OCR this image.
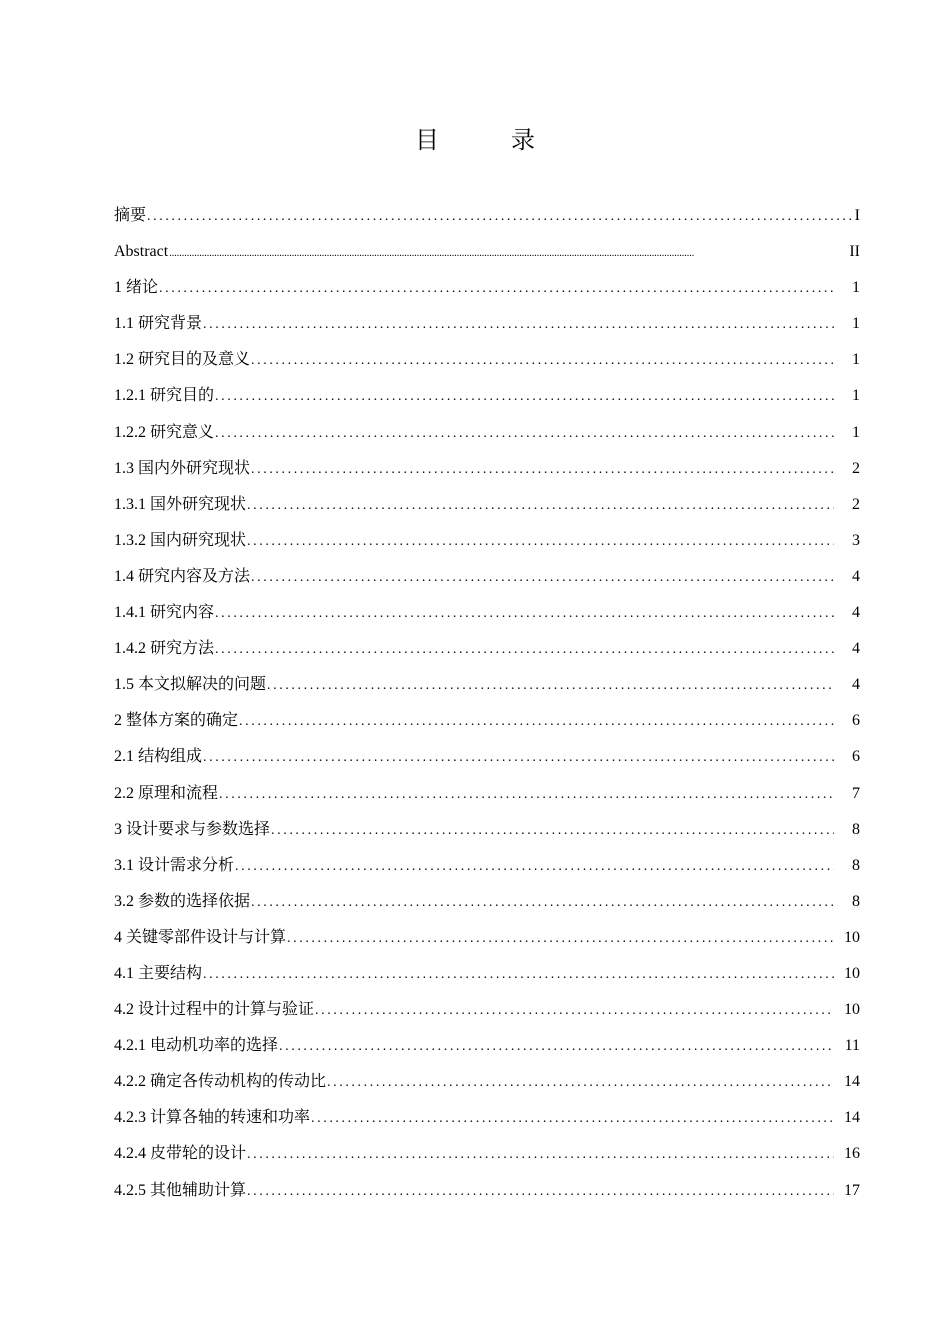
目　录
摘要 .....	I
Abstract .....	II
1 绪论 .....	1
1.1 研究背景 .....	1
1.2 研究目的及意义 .....	1
1.2.1 研究目的 .....	1
1.2.2 研究意义 .....	1
1.3 国内外研究现状 .....	2
1.3.1 国外研究现状 .....	2
1.3.2 国内研究现状 .....	3
1.4 研究内容及方法 .....	4
1.4.1 研究内容 .....	4
1.4.2 研究方法 .....	4
1.5 本文拟解决的问题 .....	4
2 整体方案的确定 .....	6
2.1 结构组成 .....	6
2.2 原理和流程 .....	7
3 设计要求与参数选择 .....	8
3.1 设计需求分析 .....	8
3.2 参数的选择依据 .....	8
4 关键零部件设计与计算 .....	10
4.1 主要结构 .....	10
4.2 设计过程中的计算与验证 .....	10
4.2.1 电动机功率的选择 .....	11
4.2.2 确定各传动机构的传动比 .....	14
4.2.3 计算各轴的转速和功率 .....	14
4.2.4 皮带轮的设计 .....	16
4.2.5 其他辅助计算 .....	17
